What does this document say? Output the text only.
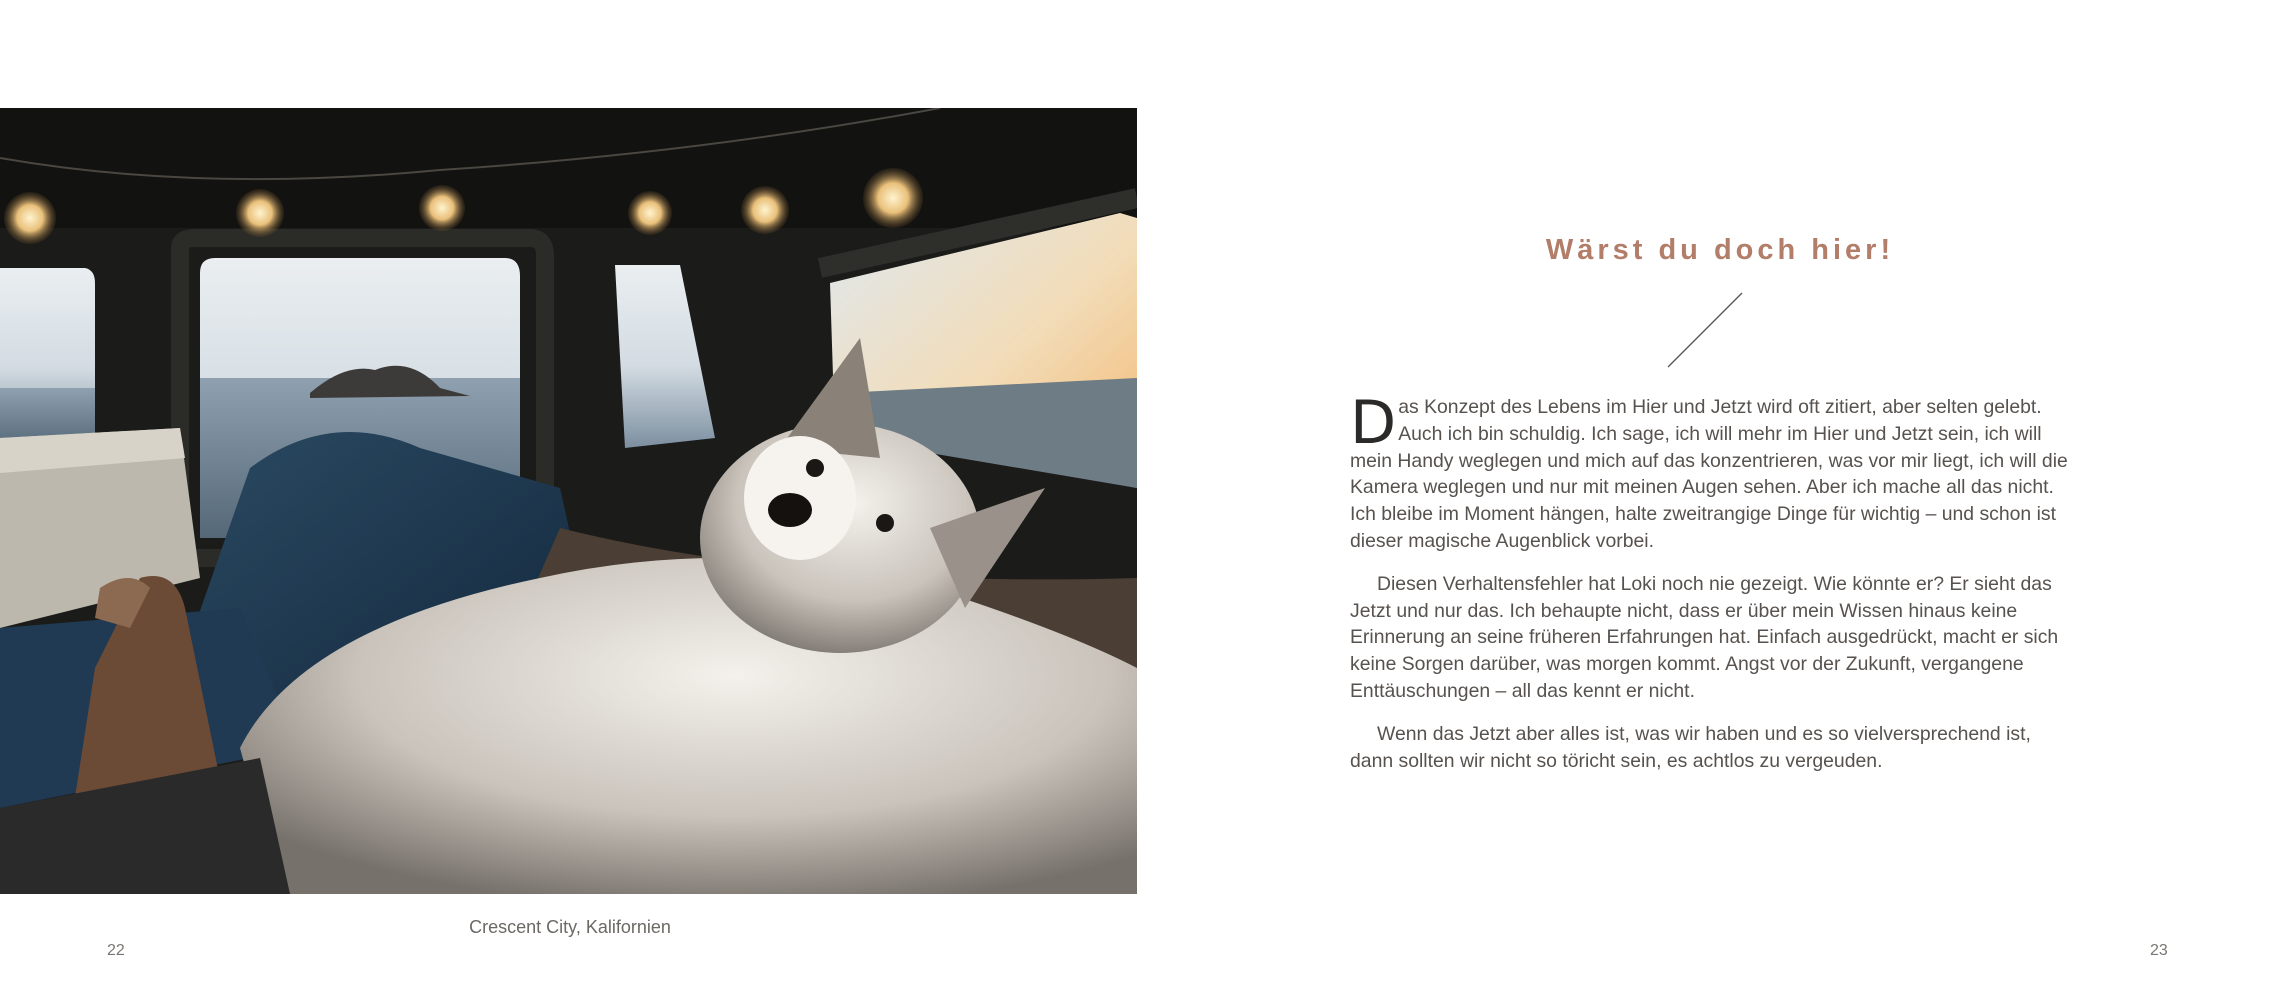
Crescent City, Kalifornien
22
Wärst du doch hier!

Das Konzept des Lebens im Hier und Jetzt wird oft zitiert, aber selten gelebt. Auch ich bin schuldig. Ich sage, ich will mehr im Hier und Jetzt sein, ich will mein Handy weglegen und mich auf das konzentrieren, was vor mir liegt, ich will die Kamera weglegen und nur mit meinen Augen sehen. Aber ich mache all das nicht. Ich bleibe im Moment hängen, halte zweitrangige Dinge für wichtig – und schon ist dieser magische Augenblick vorbei.

Diesen Verhaltensfehler hat Loki noch nie gezeigt. Wie könnte er? Er sieht das Jetzt und nur das. Ich behaupte nicht, dass er über mein Wissen hinaus keine Erinnerung an seine früheren Erfahrungen hat. Einfach ausgedrückt, macht er sich keine Sorgen darüber, was morgen kommt. Angst vor der Zukunft, vergangene Enttäuschungen – all das kennt er nicht.

Wenn das Jetzt aber alles ist, was wir haben und es so vielversprechend ist, dann sollten wir nicht so töricht sein, es achtlos zu vergeuden.

23
